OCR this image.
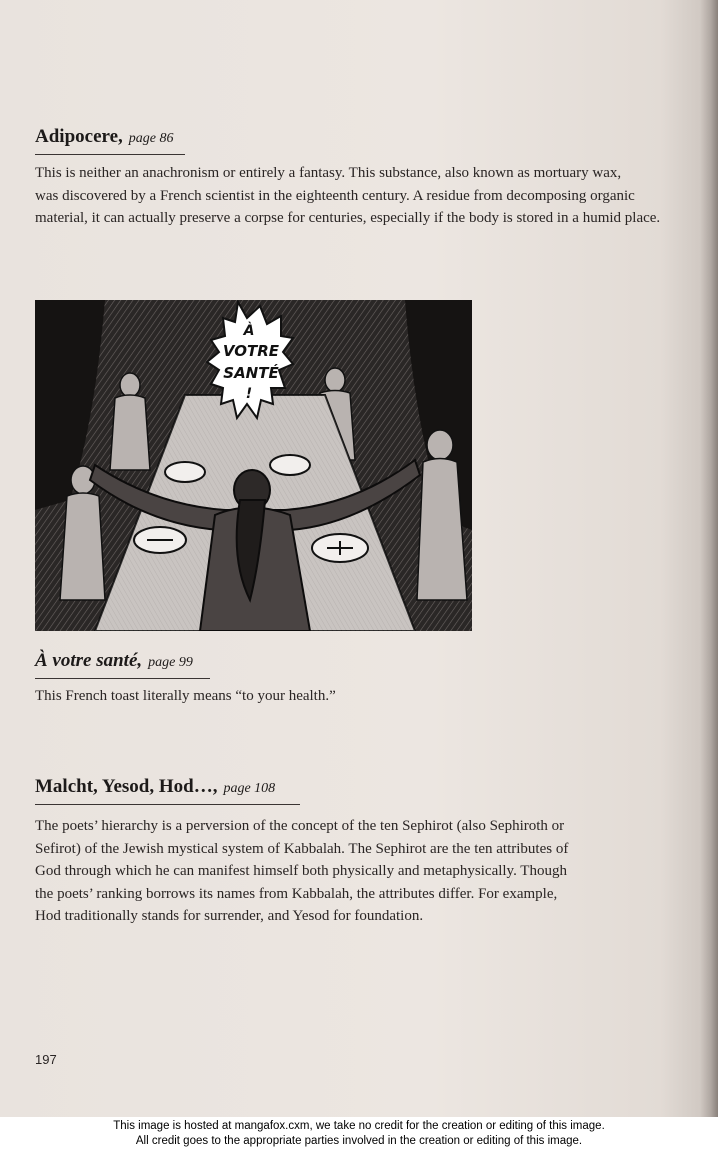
Adipocere, page 86
This is neither an anachronism or entirely a fantasy. This substance, also known as mortuary wax,
was discovered by a French scientist in the eighteenth century. A residue from decomposing organic
material, it can actually preserve a corpse for centuries, especially if the body is stored in a humid place.
À
VOTRE
SANTÉ
!
À votre santé, page 99
This French toast literally means “to your health.”
Malcht, Yesod, Hod…, page 108
The poets’ hierarchy is a perversion of the concept of the ten Sephirot (also Sephiroth or
Sefirot) of the Jewish mystical system of Kabbalah. The Sephirot are the ten attributes of
God through which he can manifest himself both physically and metaphysically. Though
the poets’ ranking borrows its names from Kabbalah, the attributes differ. For example,
Hod traditionally stands for surrender, and Yesod for foundation.
197
This image is hosted at mangafox.cxm, we take no credit for the creation or editing of this image.
All credit goes to the appropriate parties involved in the creation or editing of this image.
